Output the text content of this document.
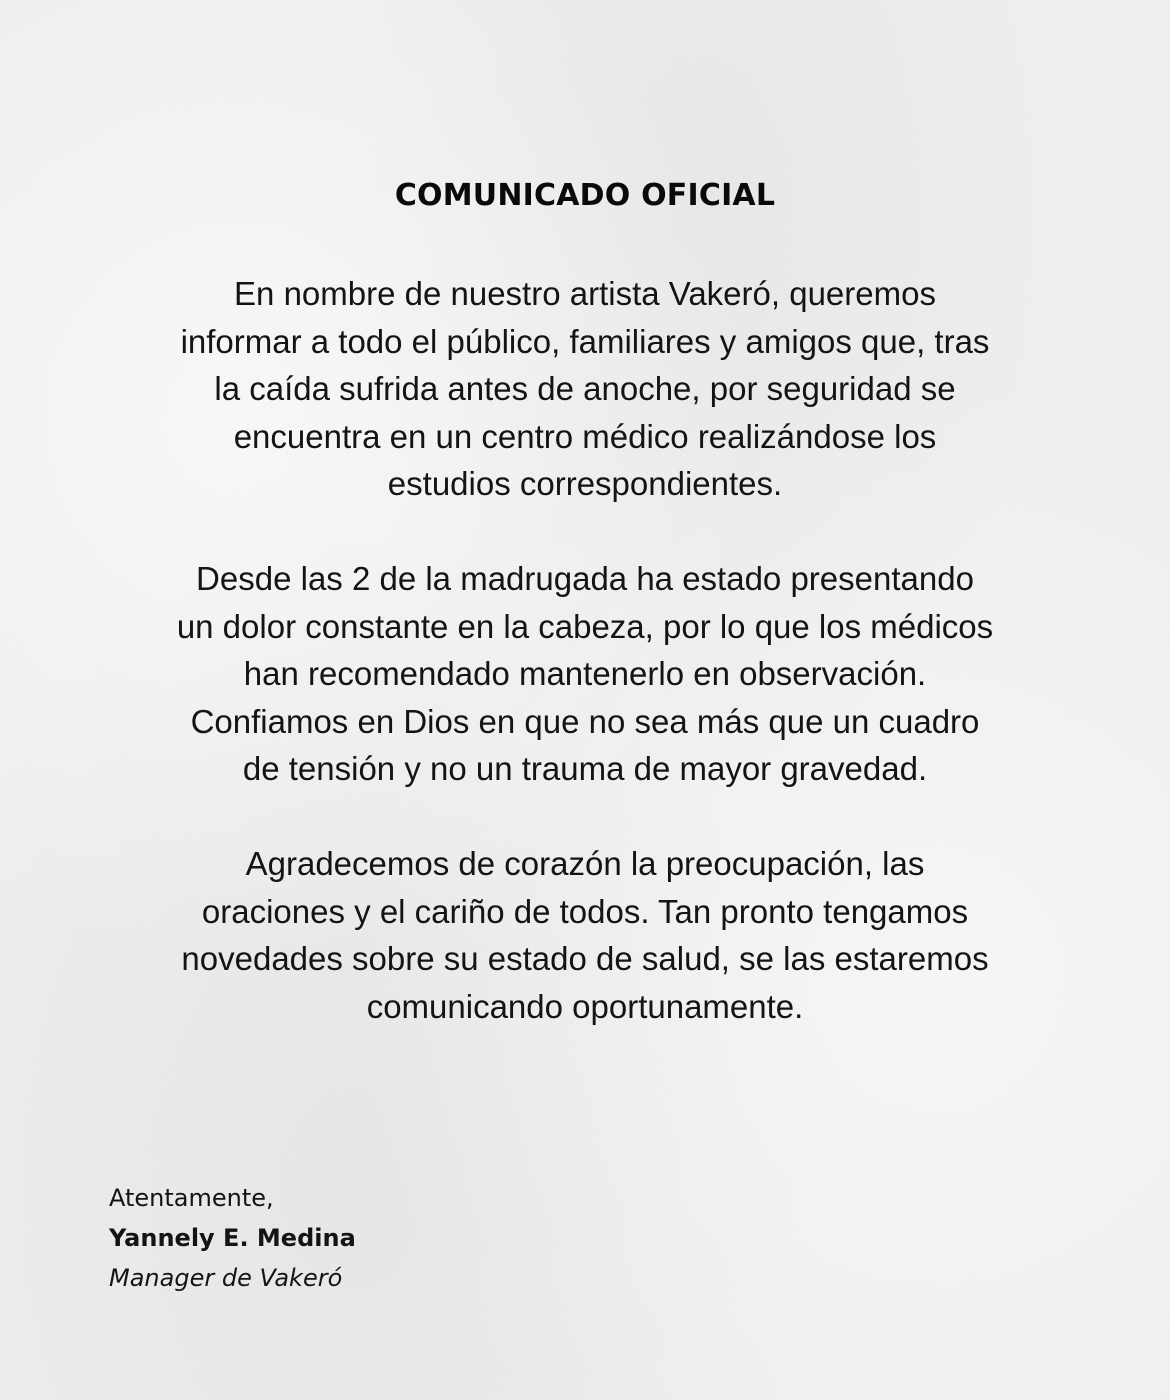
COMUNICADO OFICIAL

En nombre de nuestro artista Vakeró, queremos
informar a todo el público, familiares y amigos que, tras
la caída sufrida antes de anoche, por seguridad se
encuentra en un centro médico realizándose los
estudios correspondientes.

Desde las 2 de la madrugada ha estado presentando
un dolor constante en la cabeza, por lo que los médicos
han recomendado mantenerlo en observación.
Confiamos en Dios en que no sea más que un cuadro
de tensión y no un trauma de mayor gravedad.

Agradecemos de corazón la preocupación, las
oraciones y el cariño de todos. Tan pronto tengamos
novedades sobre su estado de salud, se las estaremos
comunicando oportunamente.

Atentamente,
Yannely E. Medina
Manager de Vakeró
